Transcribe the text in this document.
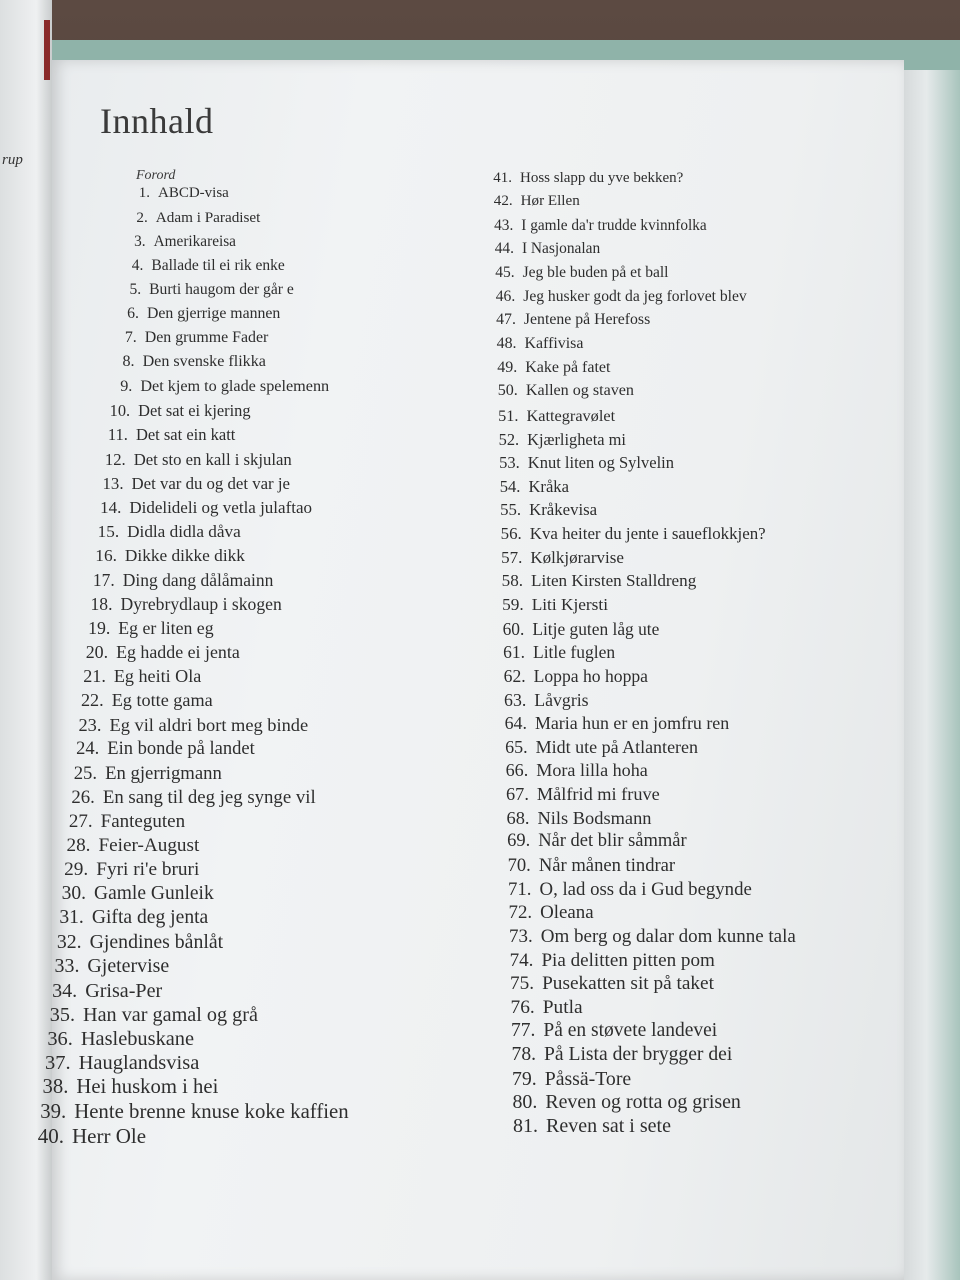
rup
Innhald
Forord
1. ABCD-visa
2. Adam i Paradiset
3. Amerikareisa
4. Ballade til ei rik enke
5. Burti haugom der går e
6. Den gjerrige mannen
7. Den grumme Fader
8. Den svenske flikka
9. Det kjem to glade spelemenn
10. Det sat ei kjering
11. Det sat ein katt
12. Det sto en kall i skjulan
13. Det var du og det var je
14. Didelideli og vetla julaftao
15. Didla didla dåva
16. Dikke dikke dikk
17. Ding dang dålåmainn
18. Dyrebrydlaup i skogen
19. Eg er liten eg
20. Eg hadde ei jenta
21. Eg heiti Ola
22. Eg totte gama
23. Eg vil aldri bort meg binde
24. Ein bonde på landet
25. En gjerrigmann
26. En sang til deg jeg synge vil
27. Fanteguten
28. Feier-August
29. Fyri ri'e bruri
30. Gamle Gunleik
31. Gifta deg jenta
32. Gjendines bånlåt
33. Gjetervise
34. Grisa-Per
35. Han var gamal og grå
36. Haslebuskane
37. Hauglandsvisa
38. Hei huskom i hei
39. Hente brenne knuse koke kaffien
40. Herr Ole
41. Hoss slapp du yve bekken?
42. Hør Ellen
43. I gamle da'r trudde kvinnfolka
44. I Nasjonalan
45. Jeg ble buden på et ball
46. Jeg husker godt da jeg forlovet blev
47. Jentene på Herefoss
48. Kaffivisa
49. Kake på fatet
50. Kallen og staven
51. Kattegravølet
52. Kjærligheta mi
53. Knut liten og Sylvelin
54. Kråka
55. Kråkevisa
56. Kva heiter du jente i saueflokkjen?
57. Kølkjørarvise
58. Liten Kirsten Stalldreng
59. Liti Kjersti
60. Litje guten låg ute
61. Litle fuglen
62. Loppa ho hoppa
63. Låvgris
64. Maria hun er en jomfru ren
65. Midt ute på Atlanteren
66. Mora lilla hoha
67. Målfrid mi fruve
68. Nils Bodsmann
69. Når det blir såmmår
70. Når månen tindrar
71. O, lad oss da i Gud begynde
72. Oleana
73. Om berg og dalar dom kunne tala
74. Pia delitten pitten pom
75. Pusekatten sit på taket
76. Putla
77. På en støvete landevei
78. På Lista der brygger dei
79. Påssä-Tore
80. Reven og rotta og grisen
81. Reven sat i sete
